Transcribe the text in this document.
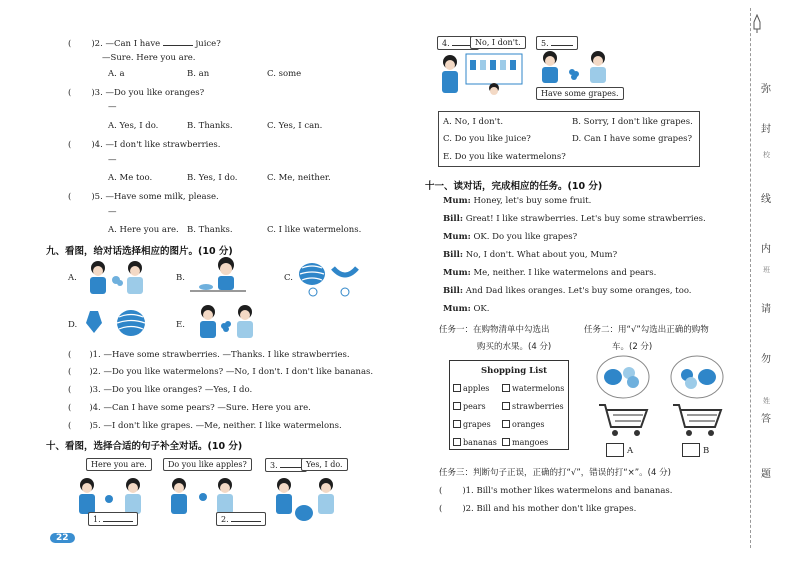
( )2. —Can I have	juice?
—Sure. Here you are.
A. a	B. an	C. some
( )3. —Do you like oranges?
—
A. Yes, I do.	B. Thanks.	C. Yes, I can.
( )4. —I don't like strawberries.
—
A. Me too.	B. Yes, I do.	C. Me, neither.
( )5. —Have some milk, please.
—
A. Here you are. B. Thanks.	C. I like watermelons.
九、看图，给对话选择相应的图片。(10 分)
A.	B.	C.
D.	E.
( )1. —Have some strawberries. —Thanks. I like strawberries.
( )2. —Do you like watermelons? —No, I don't. I don't like bananas.
( )3. —Do you like oranges? —Yes, I do.
( )4. —Can I have some pears? —Sure. Here you are.
( )5. —I don't like grapes. —Me, neither. I like watermelons.
十、看图，选择合适的句子补全对话。(10 分)
Here you are.	Do you like apples?	3.	Yes, I do.
1.	2.
22
4.	No, I don't.	5.
Have some grapes.
A. No, I don't.	B. Sorry, I don't like grapes.
C. Do you like juice?	D. Can I have some grapes?
E. Do you like watermelons?
十一、读对话，完成相应的任务。(10 分)
Mum: Honey, let's buy some fruit.
Bill: Great! I like strawberries. Let's buy some strawberries.
Mum: OK. Do you like grapes?
Bill: No, I don't. What about you, Mum?
Mum: Me, neither. I like watermelons and pears.
Bill: And Dad likes oranges. Let's buy some oranges, too.
Mum: OK.
任务一：在购物清单中勾选出
购买的水果。(4 分)
任务二：用“√”勾选出正确的购物
车。(2 分)
Shopping List
apples	watermelons
pears	strawberries
grapes	oranges
bananas	mangoes
A	B
任务三：判断句子正误，正确的打“√”，错误的打“×”。(4 分)
( )1. Bill's mother likes watermelons and bananas.
( )2. Bill and his mother don't like grapes.
弥
校
封
线
内
班
请
勿
姓
答
题
